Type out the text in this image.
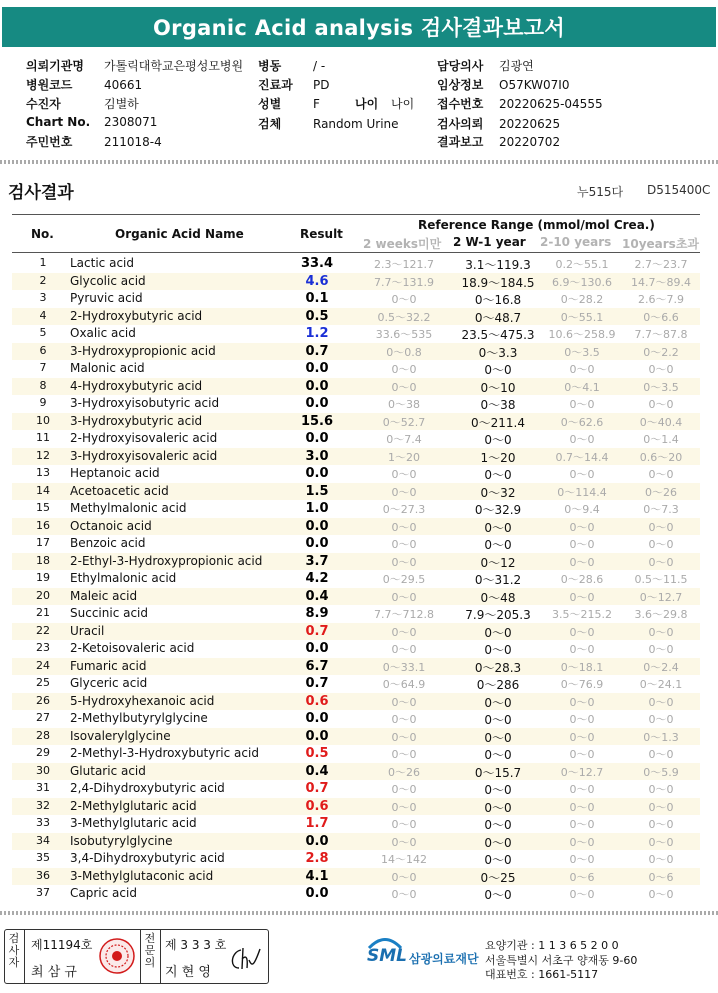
Organic Acid analysis 검사결과보고서
의뢰기관명 가톨릭대학교은평성모병원
병원코드	40661
수진자	김별하
Chart No. 2308071
주민번호	211018-4
병동	/ -
진료과 PD
성별	F	나이 나이
검체	Random Urine
담당의사 김광연
임상정보 O57KW07I0
접수번호 20220625-04555
검사의뢰 20220625
결과보고 20220702
검사결과	누515다 D515400C
No.	Organic Acid Name	Result
Reference Range (mmol/mol Crea.)
2 weeks미만 2 W-1 year 2-10 years 10years초과
1	Lactic acid	33.4	2.3～121.7	3.1～119.3	0.2～55.1	2.7～23.7
2	Glycolic acid	4.6	7.7～131.9	18.9～184.5	6.9～130.6	14.7～89.4
3	Pyruvic acid	0.1	0～0	0～16.8	0～28.2	2.6～7.9
4	2-Hydroxybutyric acid	0.5	0.5～32.2	0～48.7	0～55.1	0～6.6
5	Oxalic acid	1.2	33.6～535	23.5～475.3	10.6～258.9	7.7～87.8
6	3-Hydroxypropionic acid	0.7	0～0.8	0～3.3	0～3.5	0～2.2
7	Malonic acid	0.0	0～0	0～0	0～0	0～0
8	4-Hydroxybutyric acid	0.0	0～0	0～10	0～4.1	0～3.5
9	3-Hydroxyisobutyric acid	0.0	0～38	0～38	0～0	0～0
10	3-Hydroxybutyric acid	15.6	0～52.7	0～211.4	0～62.6	0～40.4
11	2-Hydroxyisovaleric acid	0.0	0～7.4	0～0	0～0	0～1.4
12	3-Hydroxyisovaleric acid	3.0	1～20	1～20	0.7～14.4	0.6～20
13	Heptanoic acid	0.0	0～0	0～0	0～0	0～0
14	Acetoacetic acid	1.5	0～0	0～32	0～114.4	0～26
15	Methylmalonic acid	1.0	0～27.3	0～32.9	0～9.4	0～7.3
16	Octanoic acid	0.0	0～0	0～0	0～0	0～0
17	Benzoic acid	0.0	0～0	0～0	0～0	0～0
18	2-Ethyl-3-Hydroxypropionic acid	3.7	0～0	0～12	0～0	0～0
19	Ethylmalonic acid	4.2	0～29.5	0～31.2	0～28.6	0.5～11.5
20	Maleic acid	0.4	0～0	0～48	0～0	0～12.7
21	Succinic acid	8.9	7.7～712.8	7.9～205.3	3.5～215.2	3.6～29.8
22	Uracil	0.7	0～0	0～0	0～0	0～0
23	2-Ketoisovaleric acid	0.0	0～0	0～0	0～0	0～0
24	Fumaric acid	6.7	0～33.1	0～28.3	0～18.1	0～2.4
25	Glyceric acid	0.7	0～64.9	0～286	0～76.9	0～24.1
26	5-Hydroxyhexanoic acid	0.6	0～0	0～0	0～0	0～0
27	2-Methylbutyrylglycine	0.0	0～0	0～0	0～0	0～0
28	Isovalerylglycine	0.0	0～0	0～0	0～0	0～1.3
29	2-Methyl-3-Hydroxybutyric acid	0.5	0～0	0～0	0～0	0～0
30	Glutaric acid	0.4	0～26	0～15.7	0～12.7	0～5.9
31	2,4-Dihydroxybutyric acid	0.7	0～0	0～0	0～0	0～0
32	2-Methylglutaric acid	0.6	0～0	0～0	0～0	0～0
33	3-Methylglutaric acid	1.7	0～0	0～0	0～0	0～0
34	Isobutyrylglycine	0.0	0～0	0～0	0～0	0～0
35	3,4-Dihydroxybutyric acid	2.8	14～142	0～0	0～0	0～0
36	3-Methylglutaconic acid	4.1	0～0	0～25	0～6	0～6
37	Capric acid	0.0	0～0	0～0	0～0	0～0
검사자
제11194호
최 삼 규
전문의
제 3 3 3 호
지 현 영
SML 삼광의료재단
요양기관 : 1 1 3 6 5 2 0 0
서울특별시 서초구 양재동 9-60
대표번호 : 1661-5117
